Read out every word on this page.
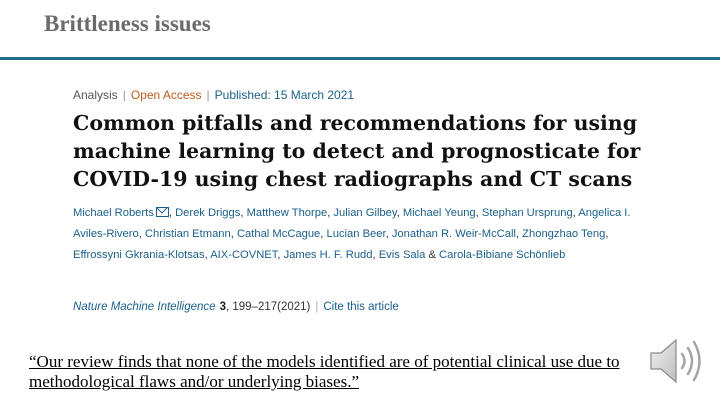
Brittleness issues
Analysis | Open Access | Published: 15 March 2021
Common pitfalls and recommendations for using machine learning to detect and prognosticate for COVID-19 using chest radiographs and CT scans
Michael Roberts , Derek Driggs, Matthew Thorpe, Julian Gilbey, Michael Yeung, Stephan Ursprung, Angelica I. Aviles-Rivero, Christian Etmann, Cathal McCague, Lucian Beer, Jonathan R. Weir-McCall, Zhongzhao Teng, Effrossyni Gkrania-Klotsas, AIX-COVNET, James H. F. Rudd, Evis Sala & Carola-Bibiane Schönlieb
Nature Machine Intelligence 3, 199–217(2021) | Cite this article

“Our review finds that none of the models identified are of potential clinical use due to methodological flaws and/or underlying biases.”
